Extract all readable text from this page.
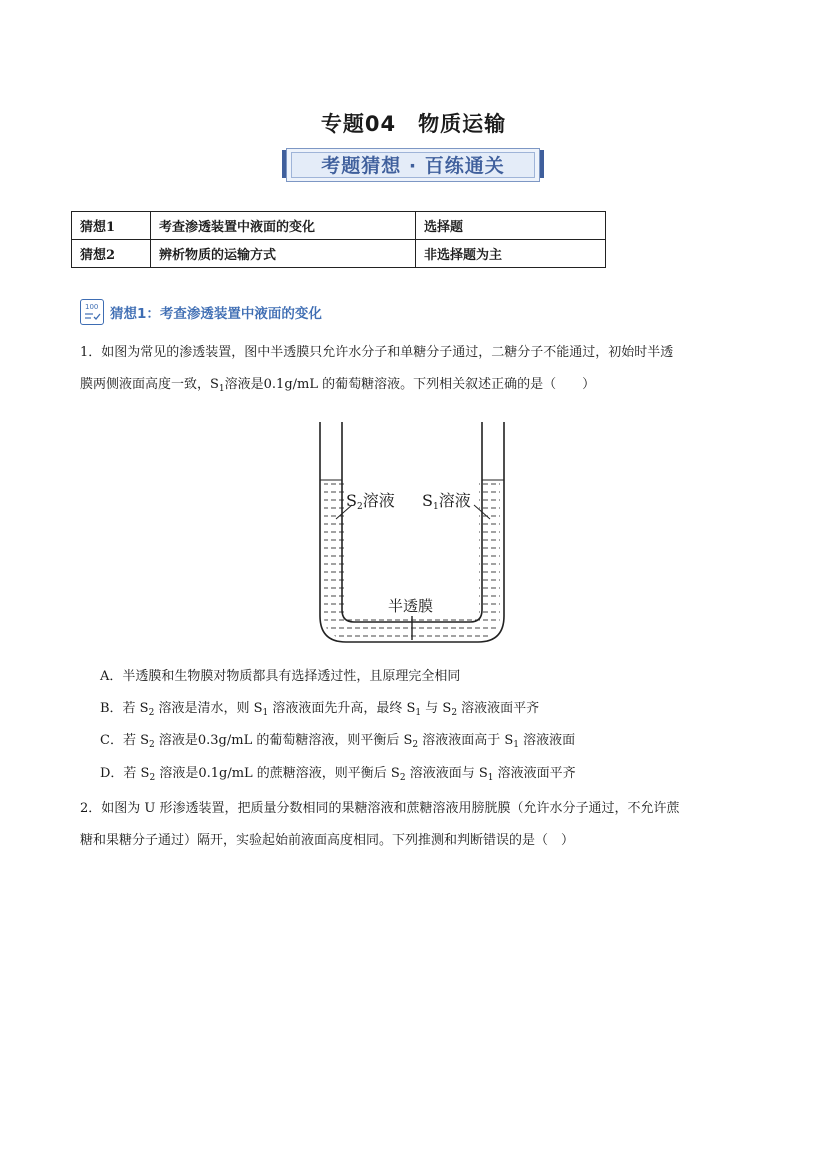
专题04　物质运输
考题猜想 · 百练通关
猜想1	考查渗透装置中液面的变化	选择题
猜想2	辨析物质的运输方式	非选择题为主
100 猜想1：考查渗透装置中液面的变化
1．如图为常见的渗透装置，图中半透膜只允许水分子和单糖分子通过，二糖分子不能通过，初始时半透
膜两侧液面高度一致，$S_1$溶液是0.1g/mL 的葡萄糖溶液。下列相关叙述正确的是（　　）
$S_2$溶液 $S_1$溶液
半透膜
A．半透膜和生物膜对物质都具有选择透过性，且原理完全相同
B．若 $S_2$ 溶液是清水，则 $S_1$ 溶液液面先升高，最终 $S_1$ 与 $S_2$ 溶液液面平齐
C．若 $S_2$ 溶液是0.3g/mL 的葡萄糖溶液，则平衡后 $S_2$ 溶液液面高于 $S_1$ 溶液液面
D．若 $S_2$ 溶液是0.1g/mL 的蔗糖溶液，则平衡后 $S_2$ 溶液液面与 $S_1$ 溶液液面平齐
2．如图为 U 形渗透装置，把质量分数相同的果糖溶液和蔗糖溶液用膀胱膜（允许水分子通过，不允许蔗
糖和果糖分子通过）隔开，实验起始前液面高度相同。下列推测和判断错误的是（　）
